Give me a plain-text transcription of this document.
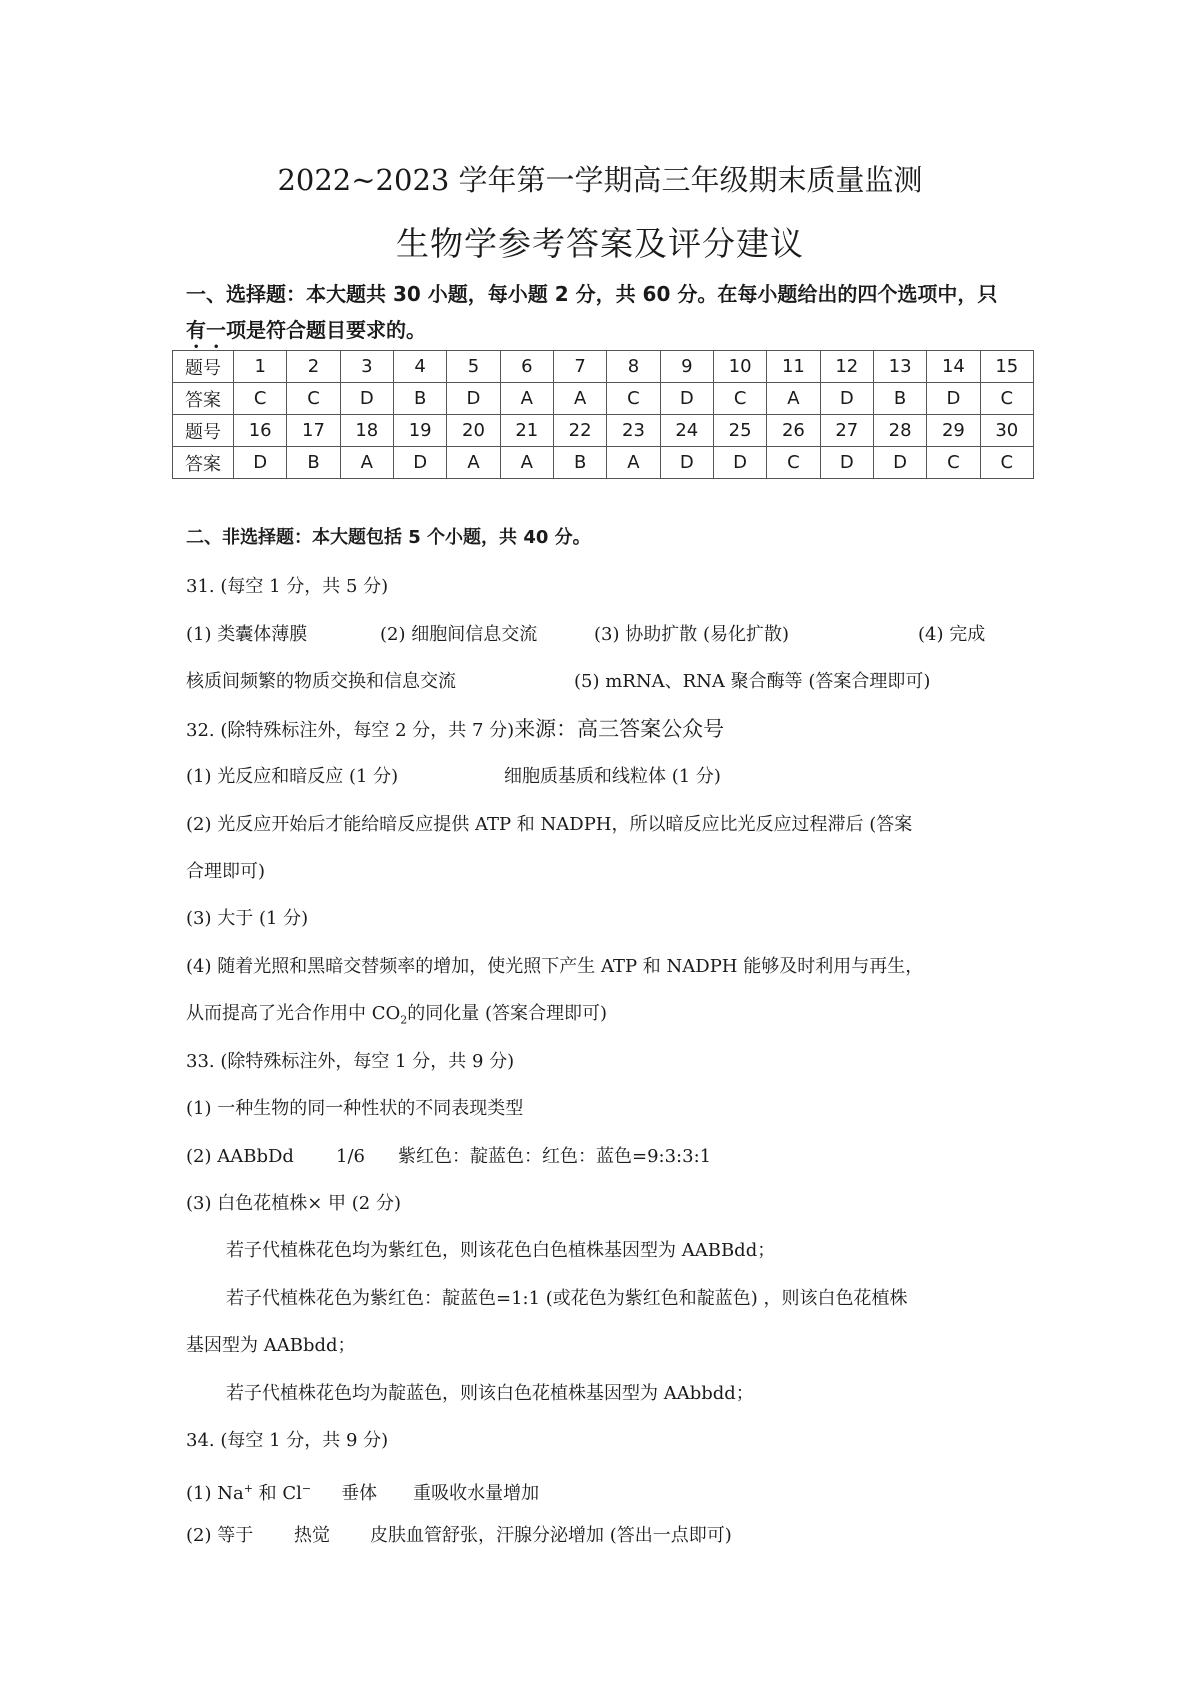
2022~2023 学年第一学期高三年级期末质量监测
生物学参考答案及评分建议
一、选择题：本大题共 30 小题，每小题 2 分，共 60 分。在每小题给出的四个选项中，只
有一项是符合题目要求的。
题号	1	2	3	4	5	6	7	8	9	10	11	12	13	14	15
答案	C	C	D	B	D	A	A	C	D	C	A	D	B	D	C
题号	16	17	18	19	20	21	22	23	24	25	26	27	28	29	30
答案	D	B	A	D	A	A	B	A	D	D	C	D	D	C	C
二、非选择题：本大题包括 5 个小题，共 40 分。
31. (每空 1 分，共 5 分)
(1) 类囊体薄膜	(2) 细胞间信息交流	(3) 协助扩散 (易化扩散)	(4) 完成
核质间频繁的物质交换和信息交流	(5) mRNA、RNA 聚合酶等 (答案合理即可)
32. (除特殊标注外，每空 2 分，共 7 分)来源：高三答案公众号
(1) 光反应和暗反应 (1 分)	细胞质基质和线粒体 (1 分)
(2) 光反应开始后才能给暗反应提供 ATP 和 NADPH，所以暗反应比光反应过程滞后 (答案
合理即可)
(3) 大于 (1 分)
(4) 随着光照和黑暗交替频率的增加，使光照下产生 ATP 和 NADPH 能够及时利用与再生，
从而提高了光合作用中 $CO_2$的同化量 (答案合理即可)
33. (除特殊标注外，每空 1 分，共 9 分)
(1) 一种生物的同一种性状的不同表现类型
(2) AABbDd 1/6 紫红色：靛蓝色：红色：蓝色=9:3:3:1
(3) 白色花植株× 甲 (2 分)
若子代植株花色均为紫红色，则该花色白色植株基因型为 AABBdd；
若子代植株花色为紫红色：靛蓝色=1:1 (或花色为紫红色和靛蓝色) ，则该白色花植株
基因型为 AABbdd；
若子代植株花色均为靛蓝色，则该白色花植株基因型为 AAbbdd；
34. (每空 1 分，共 9 分)
(1) Na+ 和 Cl− 垂体 重吸收水量增加
(2) 等于 热觉 皮肤血管舒张，汗腺分泌增加 (答出一点即可)
